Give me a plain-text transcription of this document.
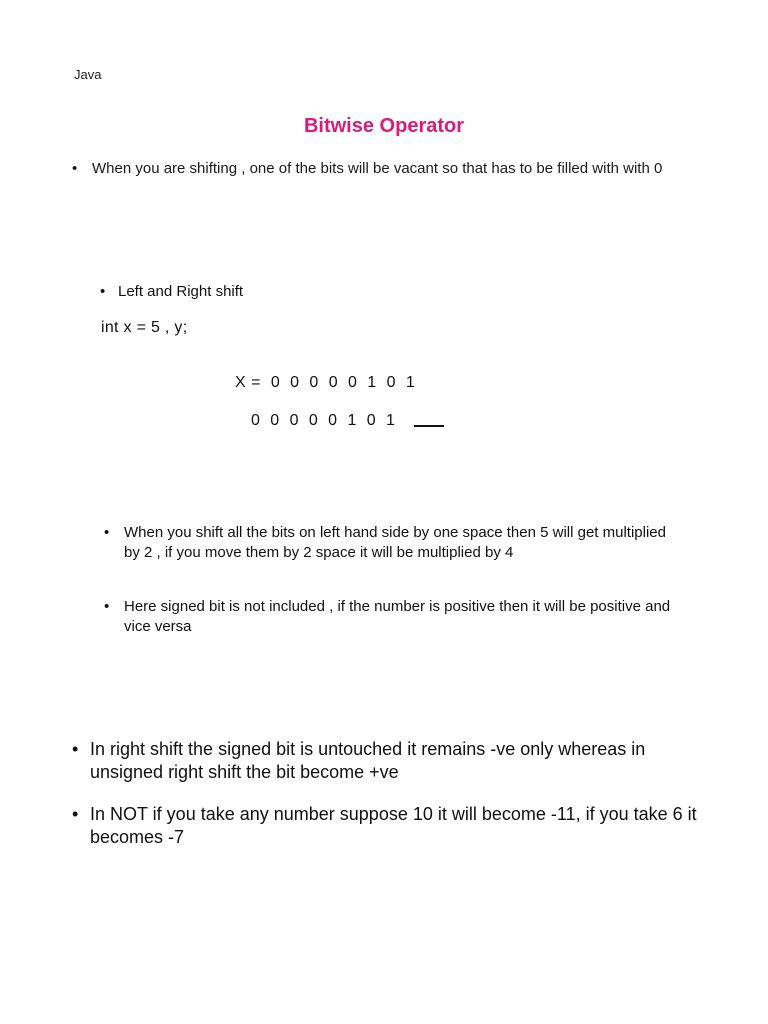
Java
Bitwise Operator
• When you are shifting , one of the bits will be vacant so that has to be filled with with 0
• Left and Right shift
int x = 5 , y;
X =  0  0  0  0  0  1  0  1
0  0  0  0  0  1  0  1
• When you shift all the bits on left hand side by one space then 5 will get multiplied by 2 , if you move them by 2 space it will be multiplied by 4
• Here signed bit is not included , if the number is positive then it will be positive and vice versa
• In right shift the signed bit is untouched it remains -ve only whereas in unsigned right shift the bit become +ve
• In NOT if you take any number suppose 10 it will become -11, if you take 6 it becomes -7
